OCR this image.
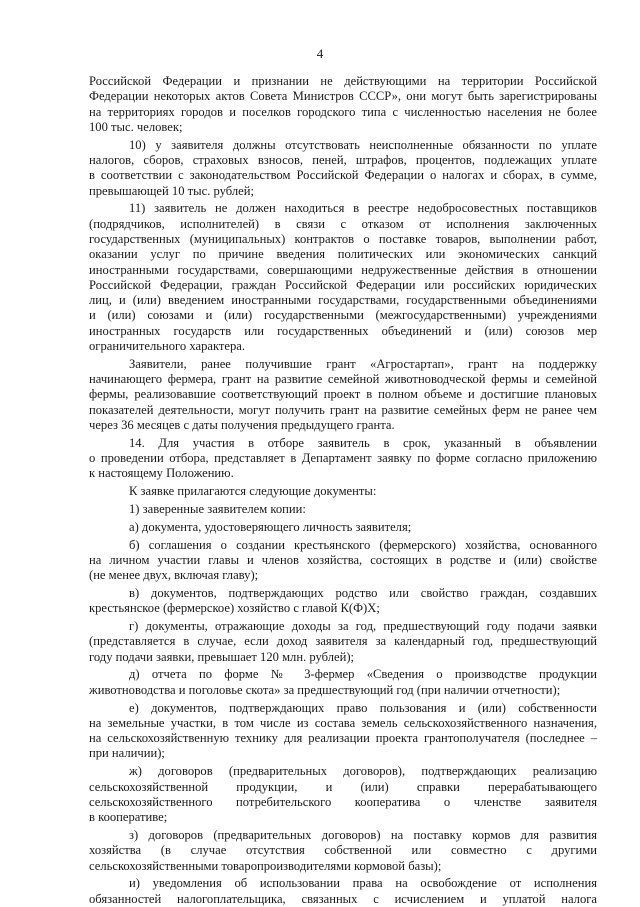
4
Российской Федерации и признании не действующими на территории Российской
Федерации некоторых актов Совета Министров СССР», они могут быть зарегистрированы
на территориях городов и поселков городского типа с численностью населения не более
100 тыс. человек;
10) у заявителя должны отсутствовать неисполненные обязанности по уплате
налогов, сборов, страховых взносов, пеней, штрафов, процентов, подлежащих уплате
в соответствии с законодательством Российской Федерации о налогах и сборах, в сумме,
превышающей 10 тыс. рублей;
11) заявитель не должен находиться в реестре недобросовестных поставщиков
(подрядчиков, исполнителей) в связи с отказом от исполнения заключенных
государственных (муниципальных) контрактов о поставке товаров, выполнении работ,
оказании услуг по причине введения политических или экономических санкций
иностранными государствами, совершающими недружественные действия в отношении
Российской Федерации, граждан Российской Федерации или российских юридических
лиц, и (или) введением иностранными государствами, государственными объединениями
и (или) союзами и (или) государственными (межгосударственными) учреждениями
иностранных государств или государственных объединений и (или) союзов мер
ограничительного характера.
Заявители, ранее получившие грант «Агростартап», грант на поддержку
начинающего фермера, грант на развитие семейной животноводческой фермы и семейной
фермы, реализовавшие соответствующий проект в полном объеме и достигшие плановых
показателей деятельности, могут получить грант на развитие семейных ферм не ранее чем
через 36 месяцев с даты получения предыдущего гранта.
14. Для участия в отборе заявитель в срок, указанный в объявлении
о проведении отбора, представляет в Департамент заявку по форме согласно приложению
к настоящему Положению.
К заявке прилагаются следующие документы:
1) заверенные заявителем копии:
а) документа, удостоверяющего личность заявителя;
б) соглашения о создании крестьянского (фермерского) хозяйства, основанного
на личном участии главы и членов хозяйства, состоящих в родстве и (или) свойстве
(не менее двух, включая главу);
в) документов, подтверждающих родство или свойство граждан, создавших
крестьянское (фермерское) хозяйство с главой К(Ф)Х;
г) документы, отражающие доходы за год, предшествующий году подачи заявки
(представляется в случае, если доход заявителя за календарный год, предшествующий
году подачи заявки, превышает 120 млн. рублей);
д) отчета по форме № 3-фермер «Сведения о производстве продукции
животноводства и поголовье скота» за предшествующий год (при наличии отчетности);
е) документов, подтверждающих право пользования и (или) собственности
на земельные участки, в том числе из состава земель сельскохозяйственного назначения,
на сельскохозяйственную технику для реализации проекта грантополучателя (последнее –
при наличии);
ж) договоров (предварительных договоров), подтверждающих реализацию
сельскохозяйственной продукции, и (или) справки перерабатывающего
сельскохозяйственного потребительского кооператива о членстве заявителя
в кооперативе;
з) договоров (предварительных договоров) на поставку кормов для развития
хозяйства (в случае отсутствия собственной или совместно с другими
сельскохозяйственными товаропроизводителями кормовой базы);
и) уведомления об использовании права на освобождение от исполнения
обязанностей налогоплательщика, связанных с исчислением и уплатой налога
